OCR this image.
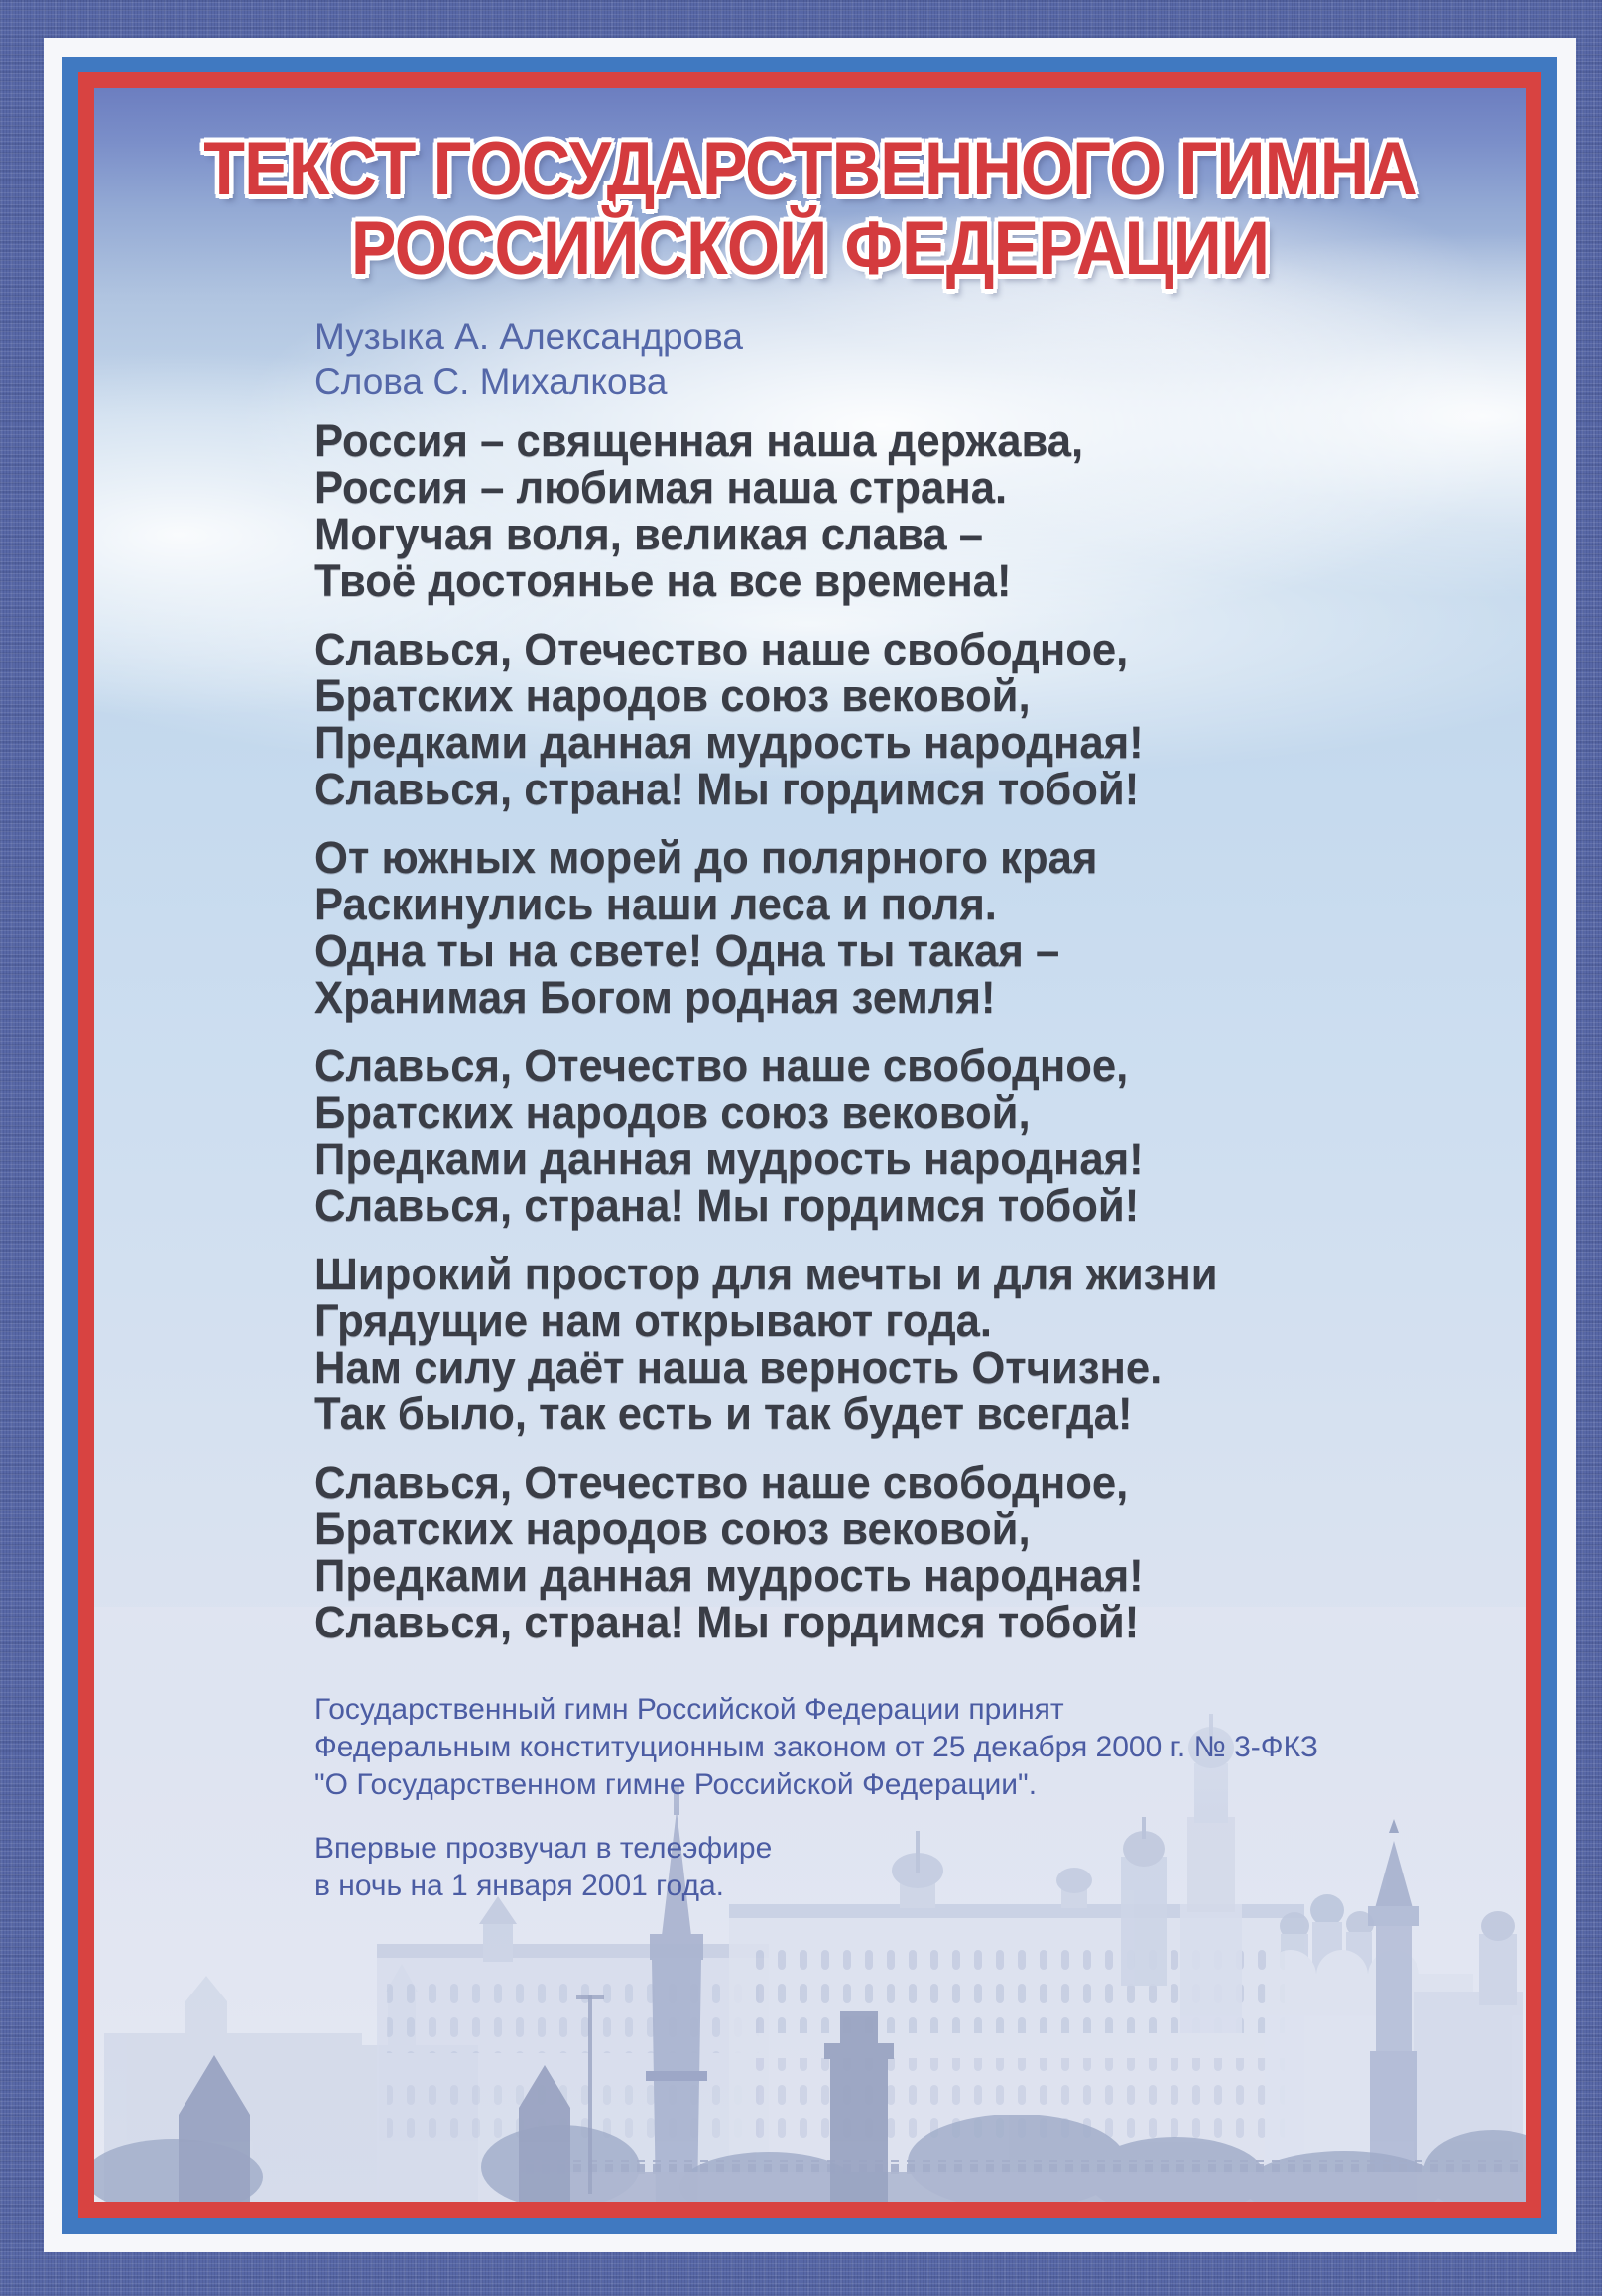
ТЕКСТ ГОСУДАРСТВЕННОГО ГИМНА
РОССИЙСКОЙ ФЕДЕРАЦИИ
Музыка А. Александрова
Слова С. Михалкова
Россия – священная наша держава,
Россия – любимая наша страна.
Могучая воля, великая слава –
Твоё достоянье на все времена!
Славься, Отечество наше свободное,
Братских народов союз вековой,
Предками данная мудрость народная!
Славься, страна! Мы гордимся тобой!
От южных морей до полярного края
Раскинулись наши леса и поля.
Одна ты на свете! Одна ты такая –
Хранимая Богом родная земля!
Славься, Отечество наше свободное,
Братских народов союз вековой,
Предками данная мудрость народная!
Славься, страна! Мы гордимся тобой!
Широкий простор для мечты и для жизни
Грядущие нам открывают года.
Нам силу даёт наша верность Отчизне.
Так было, так есть и так будет всегда!
Славься, Отечество наше свободное,
Братских народов союз вековой,
Предками данная мудрость народная!
Славься, страна! Мы гордимся тобой!
Государственный гимн Российской Федерации принят
Федеральным конституционным законом от 25 декабря 2000 г. № 3-ФКЗ
"О Государственном гимне Российской Федерации".
Впервые прозвучал в телеэфире
в ночь на 1 января 2001 года.
